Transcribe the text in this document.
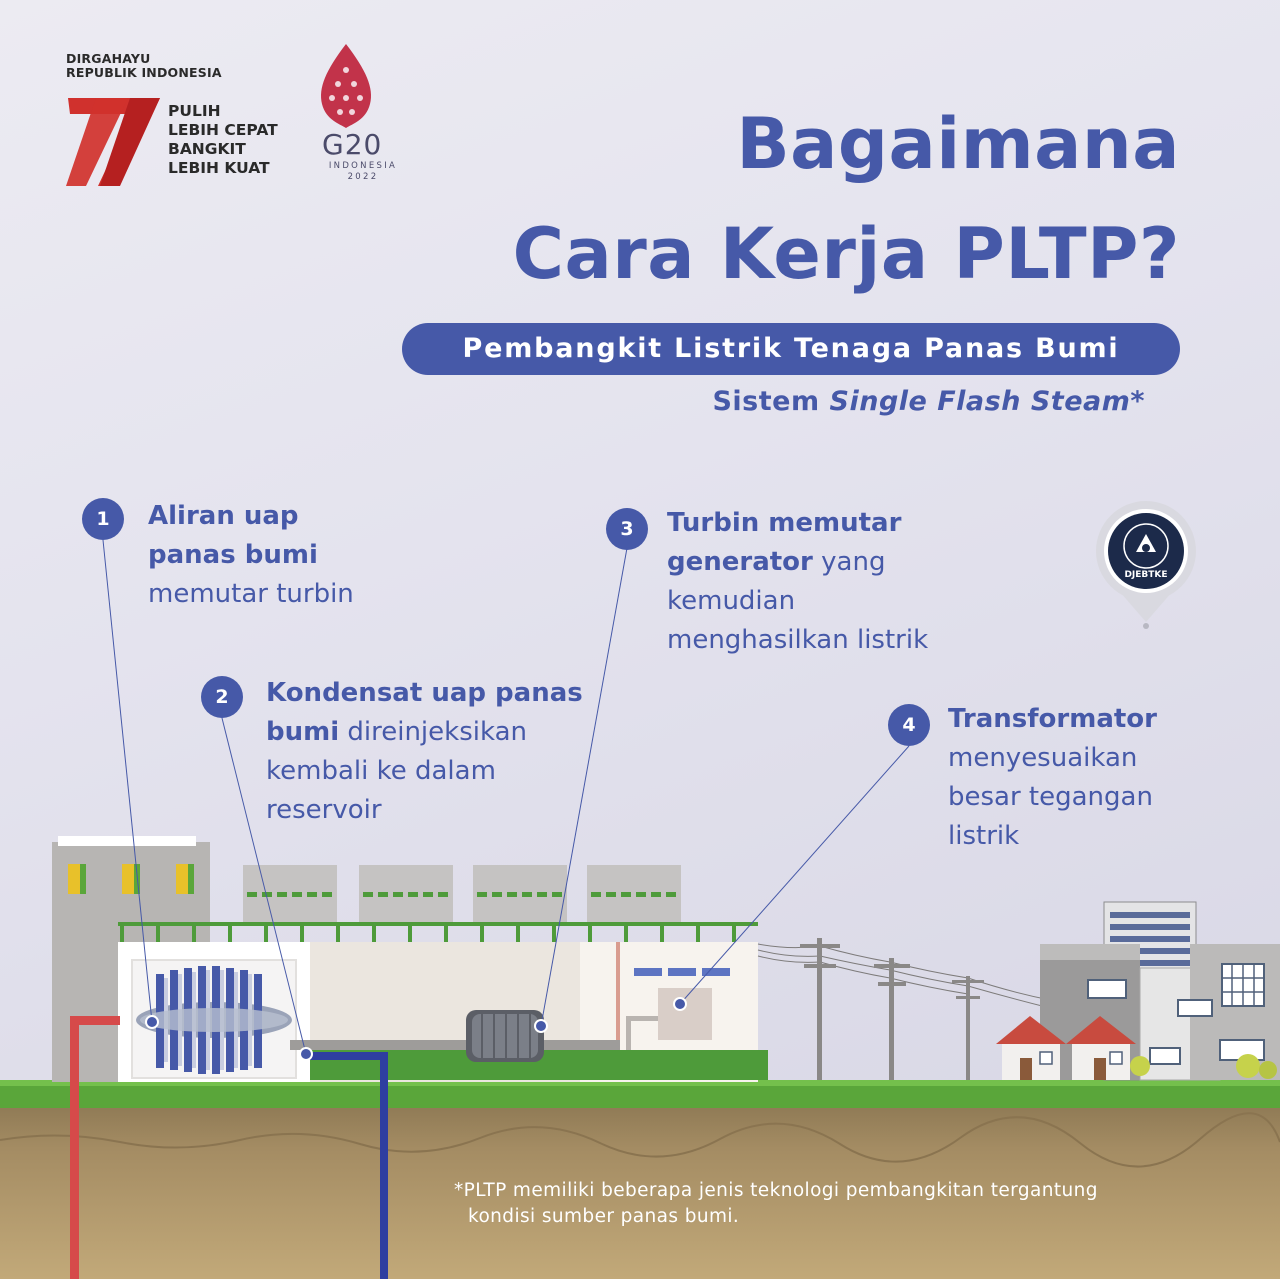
DIRGAHAYU
REPUBLIK INDONESIA
PULIH
LEBIH CEPAT
BANGKIT
LEBIH KUAT
G20
INDONESIA
2022	Bagaimana
Cara Kerja PLTP?
Pembangkit Listrik Tenaga Panas Bumi
Sistem Single Flash Steam*
DJEBTKE
1	Aliran uap
panas bumi
memutar turbin
2	Kondensat uap panas
bumi direinjeksikan
kembali ke dalam
reservoir
3	Turbin memutar
generator yang
kemudian
menghasilkan listrik
4	Transformator
menyesuaikan
besar tegangan
listrik
*PLTP memiliki beberapa jenis teknologi pembangkitan tergantung
kondisi sumber panas bumi.
